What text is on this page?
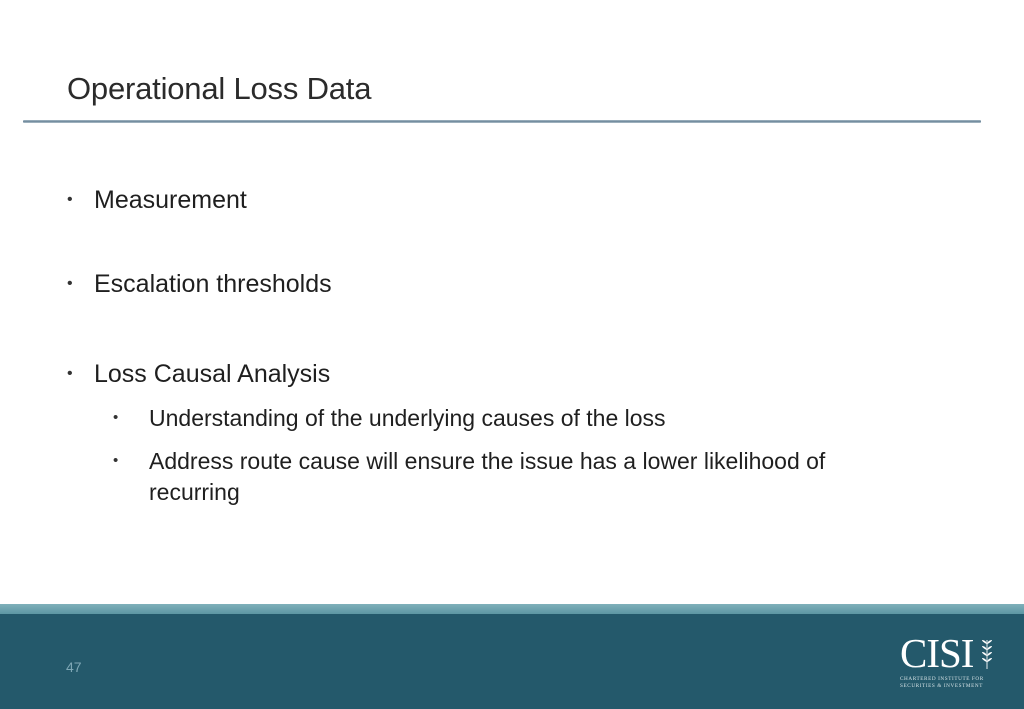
Operational Loss Data
• Measurement
• Escalation thresholds
• Loss Causal Analysis
•	Understanding of the underlying causes of the loss
•	Address route cause will ensure the issue has a lower likelihood of recurring
47	CISI
CHARTERED INSTITUTE FOR
SECURITIES & INVESTMENT
